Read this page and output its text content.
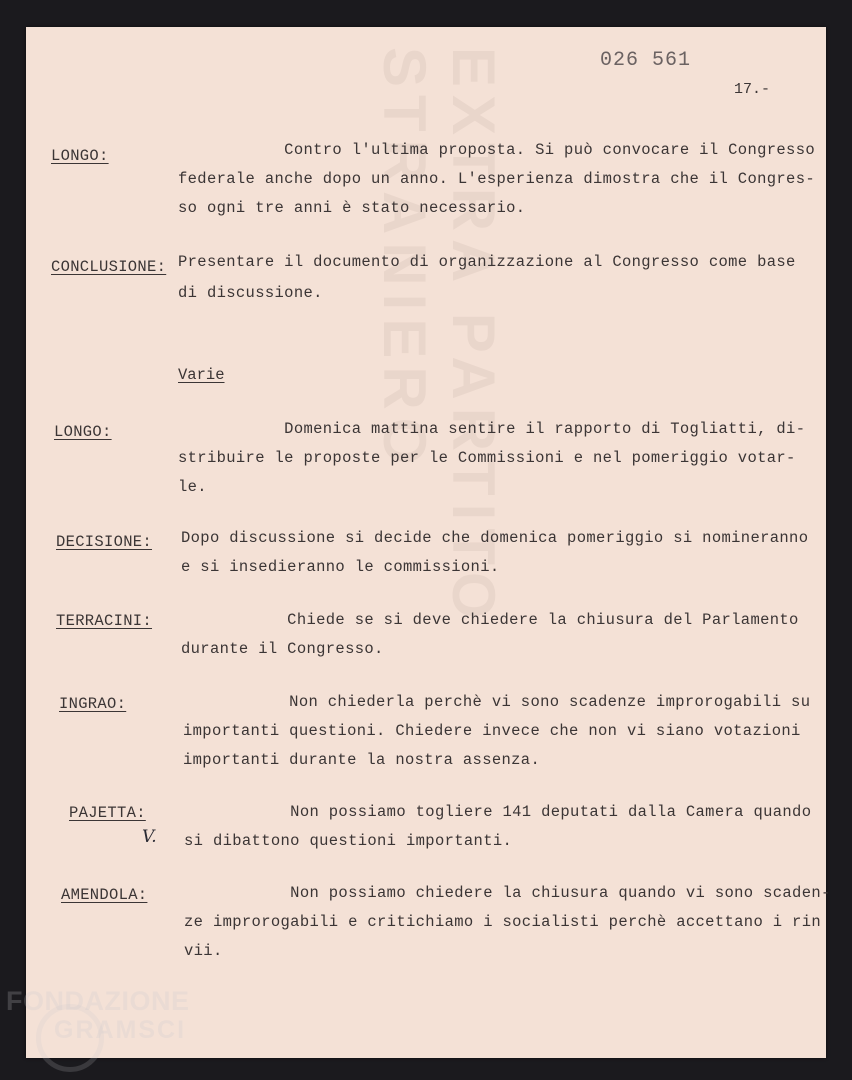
EXTRA PARTITO STRANIERO	026 561
17.-
LONGO:	Contro l'ultima proposta. Si può convocare il Congresso
federale anche dopo un anno. L'esperienza dimostra che il Congres-
so ogni tre anni è stato necessario.
CONCLUSIONE: Presentare il documento di organizzazione al Congresso come base
di discussione.
Varie
LONGO:	Domenica mattina sentire il rapporto di Togliatti, di-
stribuire le proposte per le Commissioni e nel pomeriggio votar-
le.
DECISIONE: Dopo discussione si decide che domenica pomeriggio si nomineranno
e si insedieranno le commissioni.
TERRACINI: Chiede se si deve chiedere la chiusura del Parlamento
durante il Congresso.
INGRAO:	Non chiederla perchè vi sono scadenze improrogabili su
importanti questioni. Chiedere invece che non vi siano votazioni
importanti durante la nostra assenza.
PAJETTA:
V.
Non possiamo togliere 141 deputati dalla Camera quando
si dibattono questioni importanti.
AMENDOLA: Non possiamo chiedere la chiusura quando vi sono scaden-
ze improrogabili e critichiamo i socialisti perchè accettano i rin
vii.
FONDAZIONE
GRAMSCI
